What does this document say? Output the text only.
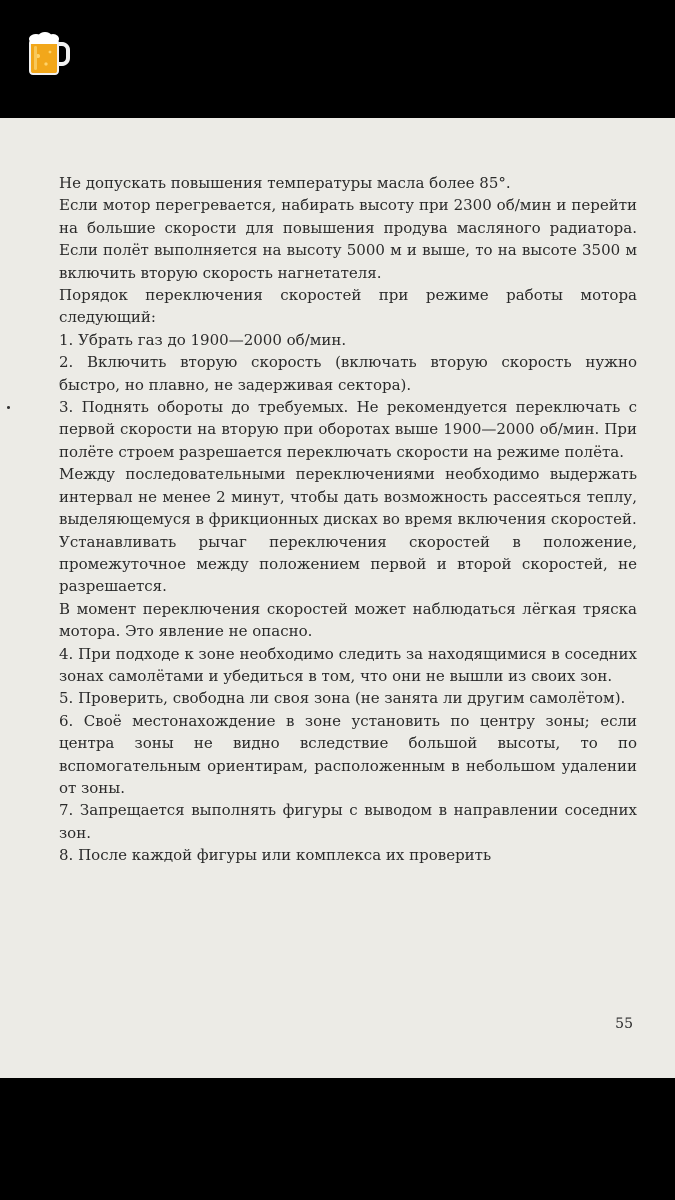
Не допускать повышения температуры масла более 85°.

Если мотор перегревается, набирать высоту при 2300 об/мин и перейти на большие скорости для повышения продува масляного радиатора. Если полёт выполняется на высоту 5000 м и выше, то на высоте 3500 м включить вторую скорость нагнетателя.

Порядок переключения скоростей при режиме работы мотора следующий:

1. Убрать газ до 1900—2000 об/мин.

2. Включить вторую скорость (включать вторую скорость нужно быстро, но плавно, не задерживая сектора).

3. Поднять обороты до требуемых. Не рекомендуется переключать с первой скорости на вторую при оборотах выше 1900—2000 об/мин. При полёте строем разрешается переключать скорости на режиме полёта.

Между последовательными переключениями необходимо выдержать интервал не менее 2 минут, чтобы дать возможность рассеяться теплу, выделяющемуся в фрикционных дисках во время включения скоростей.

Устанавливать рычаг переключения скоростей в положение, промежуточное между положением первой и второй скоростей, не разрешается.

В момент переключения скоростей может наблюдаться лёгкая тряска мотора. Это явление не опасно.

4. При подходе к зоне необходимо следить за находящимися в соседних зонах самолётами и убедиться в том, что они не вышли из своих зон.

5. Проверить, свободна ли своя зона (не занята ли другим самолётом).

6. Своё местонахождение в зоне установить по центру зоны; если центра зоны не видно вследствие большой высоты, то по вспомогательным ориентирам, расположенным в небольшом удалении от зоны.

7. Запрещается выполнять фигуры с выводом в направлении соседних зон.

8. После каждой фигуры или комплекса их проверить

55
